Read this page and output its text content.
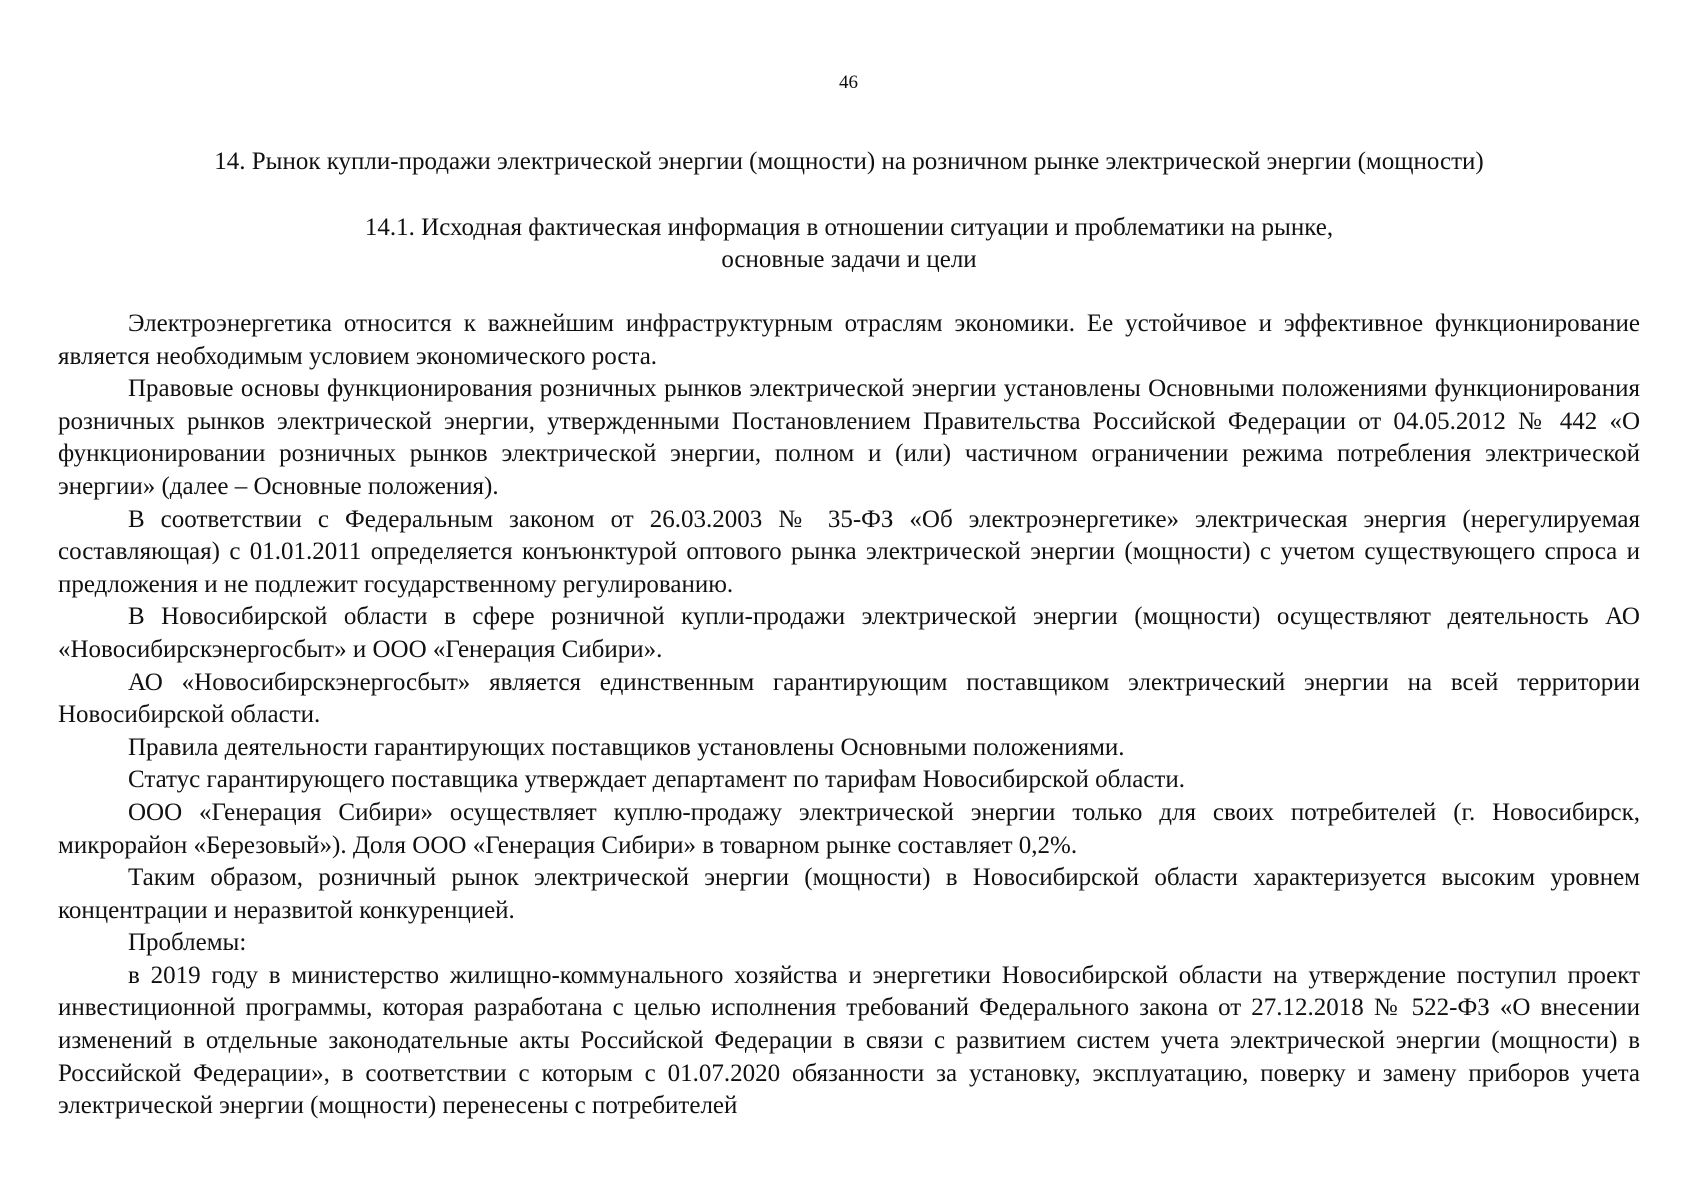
46
14. Рынок купли-продажи электрической энергии (мощности) на розничном рынке электрической энергии (мощности)
14.1. Исходная фактическая информация в отношении ситуации и проблематики на рынке,
основные задачи и цели

Электроэнергетика относится к важнейшим инфраструктурным отраслям экономики. Ее устойчивое и эффективное функционирование является необходимым условием экономического роста.

Правовые основы функционирования розничных рынков электрической энергии установлены Основными положениями функционирования розничных рынков электрической энергии, утвержденными Постановлением Правительства Российской Федерации от 04.05.2012 № 442 «О функционировании розничных рынков электрической энергии, полном и (или) частичном ограничении режима потребления электрической энергии» (далее – Основные положения).

В соответствии с Федеральным законом от 26.03.2003 № 35-ФЗ «Об электроэнергетике» электрическая энергия (нерегулируемая составляющая) с 01.01.2011 определяется конъюнктурой оптового рынка электрической энергии (мощности) с учетом существующего спроса и предложения и не подлежит государственному регулированию.

В Новосибирской области в сфере розничной купли-продажи электрической энергии (мощности) осуществляют деятельность АО «Новосибирскэнергосбыт» и ООО «Генерация Сибири».

АО «Новосибирскэнергосбыт» является единственным гарантирующим поставщиком электрический энергии на всей территории Новосибирской области.

Правила деятельности гарантирующих поставщиков установлены Основными положениями.

Статус гарантирующего поставщика утверждает департамент по тарифам Новосибирской области.

ООО «Генерация Сибири» осуществляет куплю-продажу электрической энергии только для своих потребителей (г. Новосибирск, микрорайон «Березовый»). Доля ООО «Генерация Сибири» в товарном рынке составляет 0,2%.

Таким образом, розничный рынок электрической энергии (мощности) в Новосибирской области характеризуется высоким уровнем концентрации и неразвитой конкуренцией.

Проблемы:

в 2019 году в министерство жилищно-коммунального хозяйства и энергетики Новосибирской области на утверждение поступил проект инвестиционной программы, которая разработана с целью исполнения требований Федерального закона от 27.12.2018 № 522-ФЗ «О внесении изменений в отдельные законодательные акты Российской Федерации в связи с развитием систем учета электрической энергии (мощности) в Российской Федерации», в соответствии с которым с 01.07.2020 обязанности за установку, эксплуатацию, поверку и замену приборов учета электрической энергии (мощности) перенесены с потребителей
